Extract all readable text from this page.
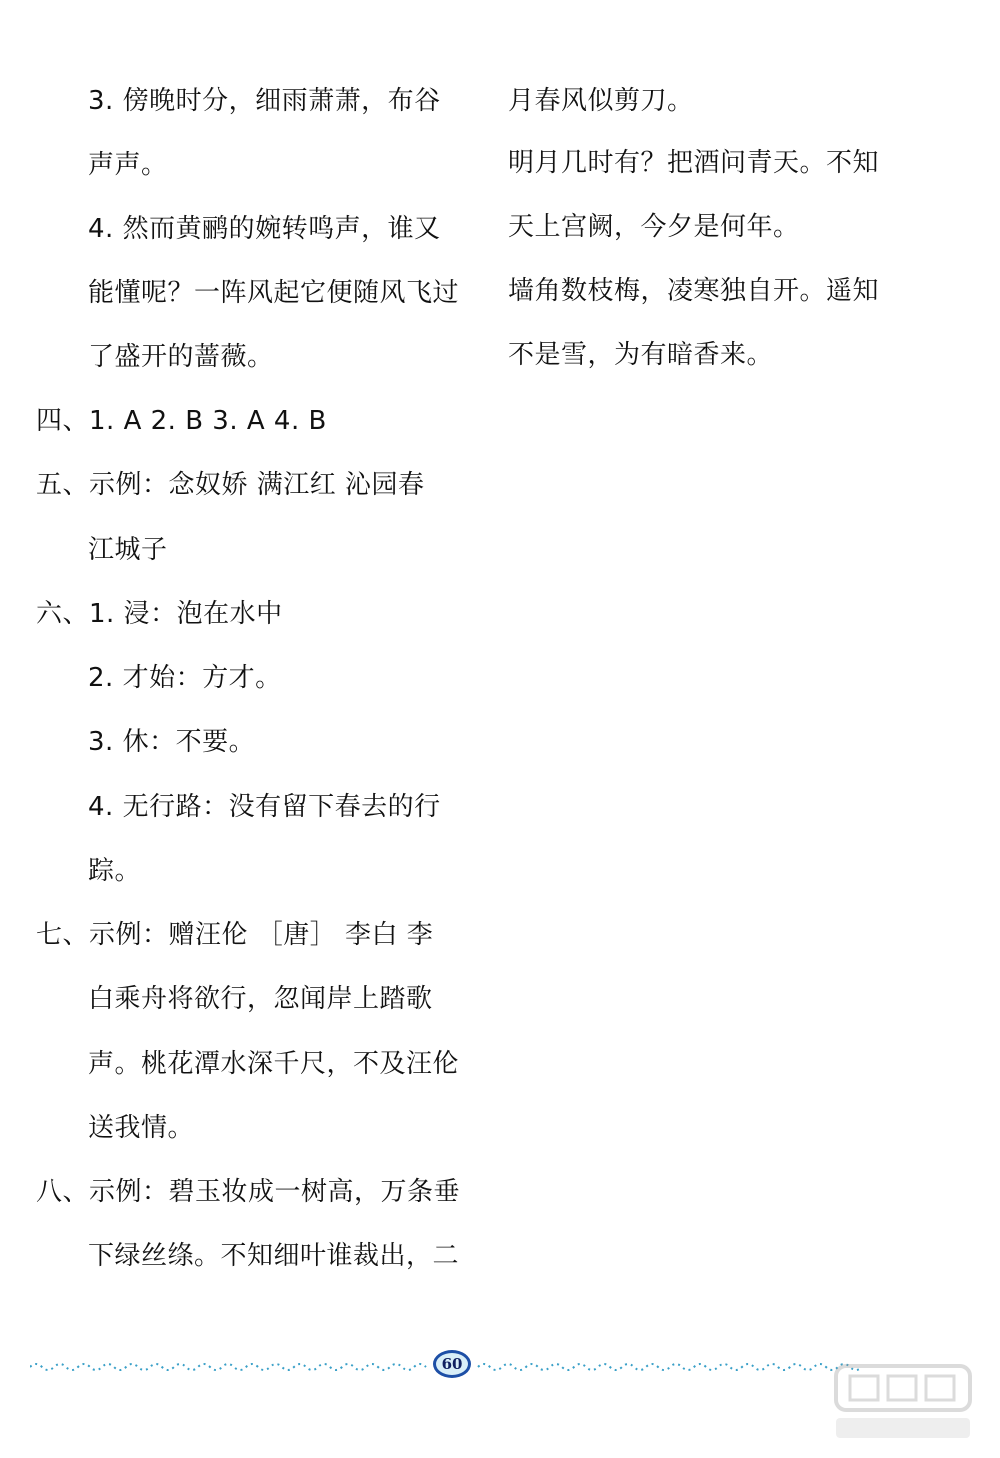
3. 傍晚时分，细雨萧萧，布谷
声声。
4. 然而黄鹂的婉转鸣声，谁又
能懂呢？一阵风起它便随风飞过
了盛开的蔷薇。
四、1. A 2. B 3. A 4. B
五、示例：念奴娇 满江红 沁园春
江城子
六、1. 浸：泡在水中
2. 才始：方才。
3. 休：不要。
4. 无行路：没有留下春去的行
踪。
七、示例：赠汪伦 ［唐］ 李白 李
白乘舟将欲行，忽闻岸上踏歌
声。桃花潭水深千尺，不及汪伦
送我情。
八、示例：碧玉妆成一树高，万条垂
下绿丝绦。不知细叶谁裁出，二
月春风似剪刀。
明月几时有？把酒问青天。不知
天上宫阙，今夕是何年。
墙角数枝梅，凌寒独自开。遥知
不是雪，为有暗香来。
60
